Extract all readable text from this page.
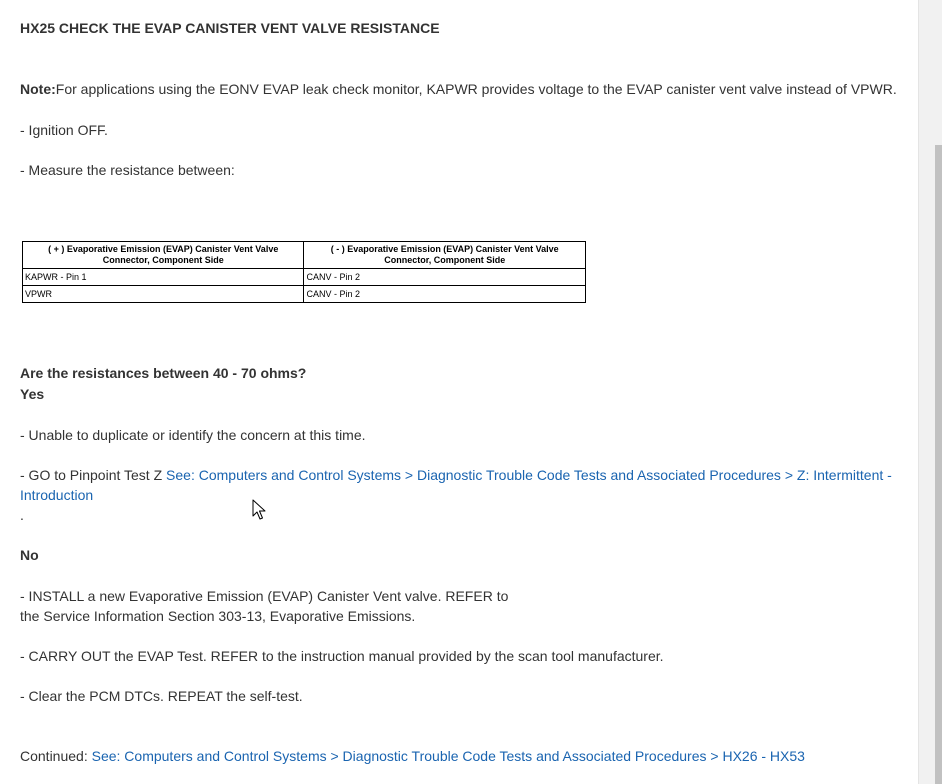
HX25 CHECK THE EVAP CANISTER VENT VALVE RESISTANCE
Note:For applications using the EONV EVAP leak check monitor, KAPWR provides voltage to the EVAP canister vent valve instead of VPWR.
- Ignition OFF.
- Measure the resistance between:
( + ) Evaporative Emission (EVAP) Canister Vent Valve Connector, Component Side	( - ) Evaporative Emission (EVAP) Canister Vent Valve Connector, Component Side
KAPWR - Pin 1	CANV - Pin 2
VPWR	CANV - Pin 2
Are the resistances between 40 - 70 ohms?
Yes
- Unable to duplicate or identify the concern at this time.
- GO to Pinpoint Test Z See: Computers and Control Systems > Diagnostic Trouble Code Tests and Associated Procedures > Z: Intermittent -
Introduction
.
No
- INSTALL a new Evaporative Emission (EVAP) Canister Vent valve. REFER to
the Service Information Section 303-13, Evaporative Emissions.
- CARRY OUT the EVAP Test. REFER to the instruction manual provided by the scan tool manufacturer.
- Clear the PCM DTCs. REPEAT the self-test.
Continued: See: Computers and Control Systems > Diagnostic Trouble Code Tests and Associated Procedures > HX26 - HX53
